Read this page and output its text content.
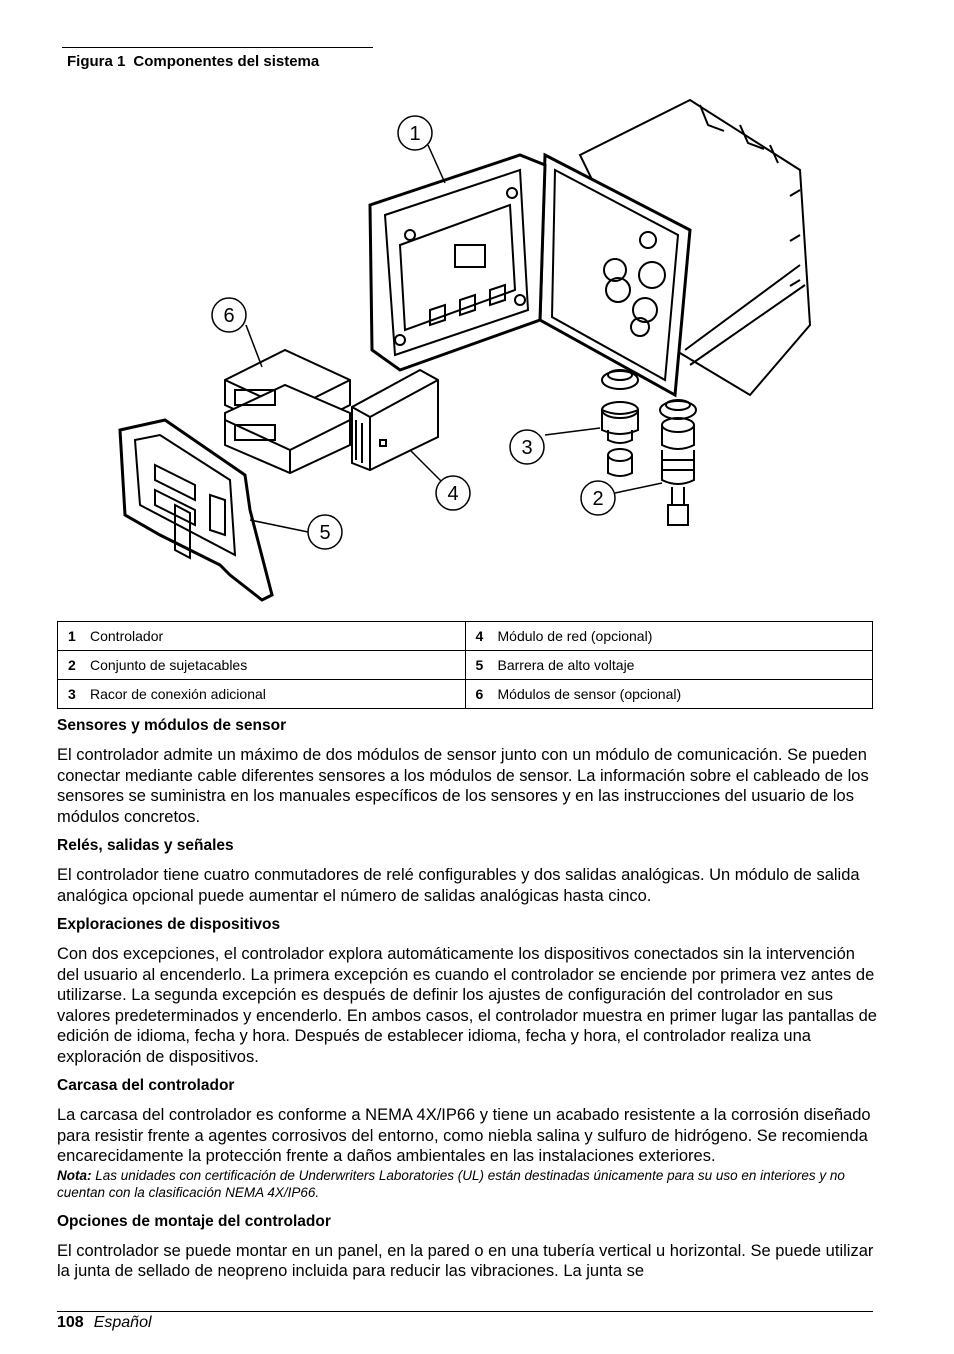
Figura 1 Componentes del sistema
1
2
3
4
5
6
1 Controlador	4 Módulo de red (opcional)
2 Conjunto de sujetacables	5 Barrera de alto voltaje
3 Racor de conexión adicional	6 Módulos de sensor (opcional)
Sensores y módulos de sensor

El controlador admite un máximo de dos módulos de sensor junto con un módulo de comunicación. Se pueden conectar mediante cable diferentes sensores a los módulos de sensor. La información sobre el cableado de los sensores se suministra en los manuales específicos de los sensores y en las instrucciones del usuario de los módulos concretos.

Relés, salidas y señales

El controlador tiene cuatro conmutadores de relé configurables y dos salidas analógicas. Un módulo de salida analógica opcional puede aumentar el número de salidas analógicas hasta cinco.

Exploraciones de dispositivos

Con dos excepciones, el controlador explora automáticamente los dispositivos conectados sin la intervención del usuario al encenderlo. La primera excepción es cuando el controlador se enciende por primera vez antes de utilizarse. La segunda excepción es después de definir los ajustes de configuración del controlador en sus valores predeterminados y encenderlo. En ambos casos, el controlador muestra en primer lugar las pantallas de edición de idioma, fecha y hora. Después de establecer idioma, fecha y hora, el controlador realiza una exploración de dispositivos.

Carcasa del controlador

La carcasa del controlador es conforme a NEMA 4X/IP66 y tiene un acabado resistente a la corrosión diseñado para resistir frente a agentes corrosivos del entorno, como niebla salina y sulfuro de hidrógeno. Se recomienda encarecidamente la protección frente a daños ambientales en las instalaciones exteriores.

Nota: Las unidades con certificación de Underwriters Laboratories (UL) están destinadas únicamente para su uso en interiores y no cuentan con la clasificación NEMA 4X/IP66.

Opciones de montaje del controlador

El controlador se puede montar en un panel, en la pared o en una tubería vertical u horizontal. Se puede utilizar la junta de sellado de neopreno incluida para reducir las vibraciones. La junta se

108 Español
